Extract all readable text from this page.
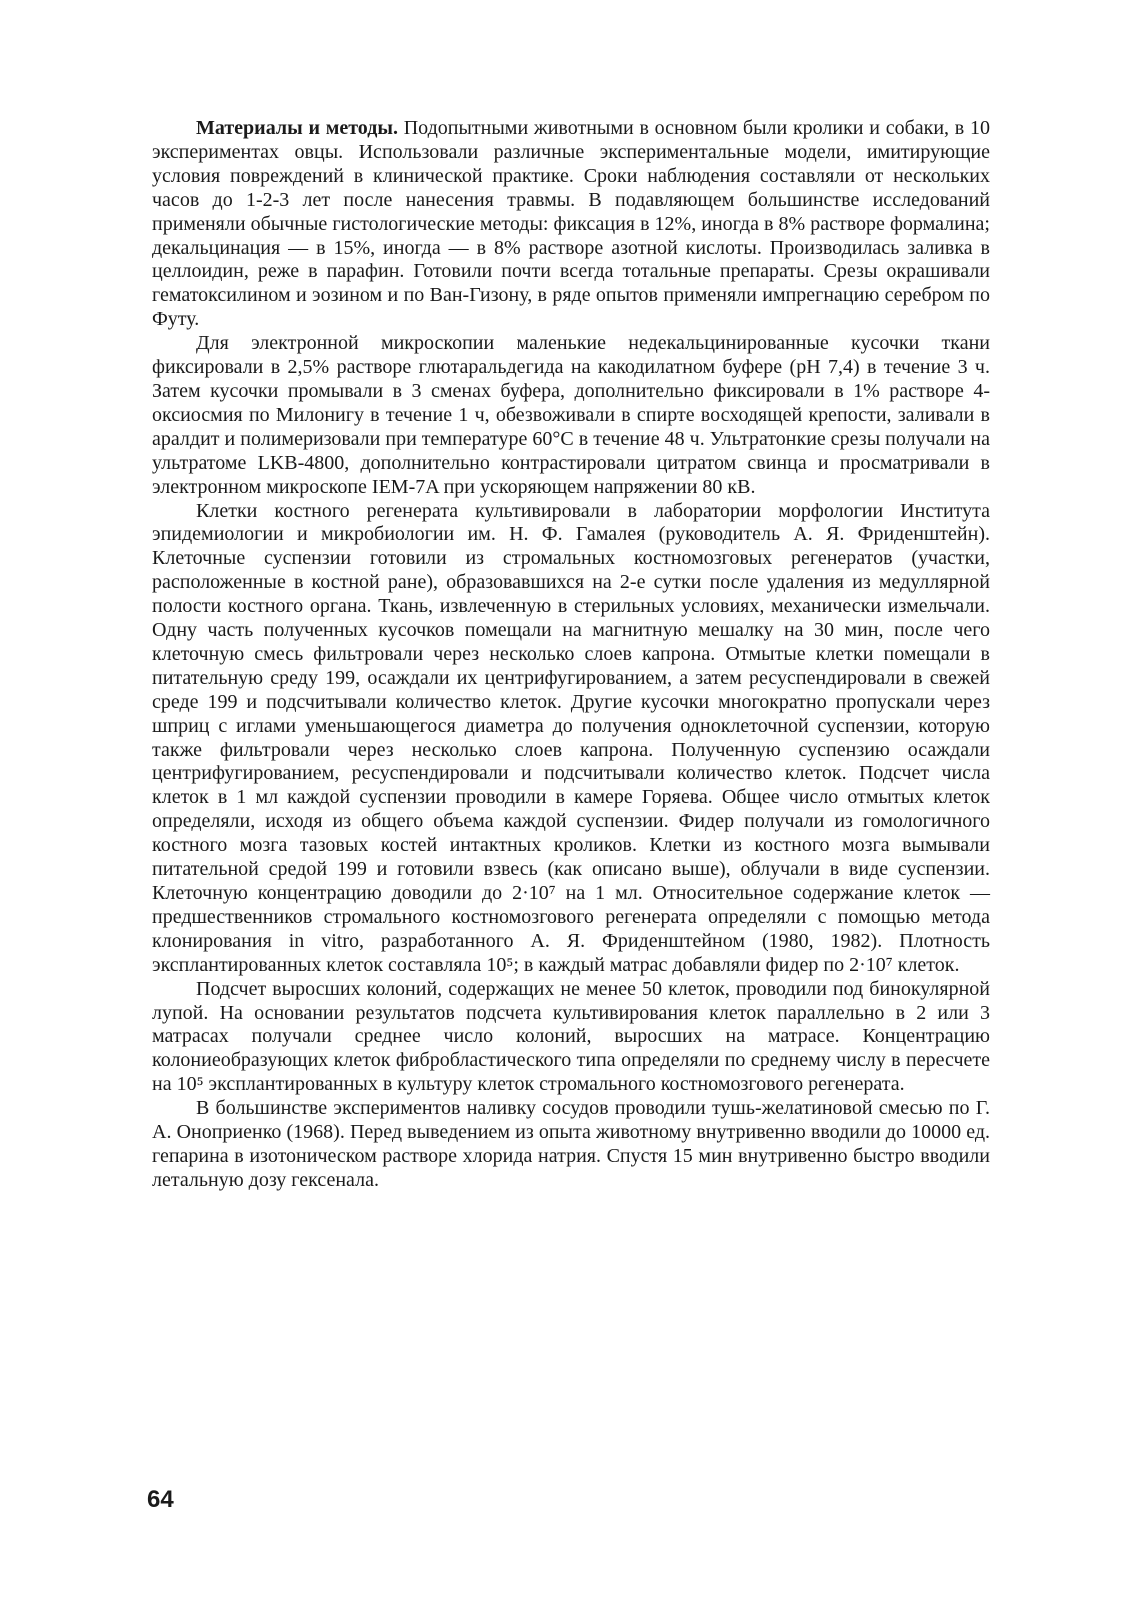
Материалы и методы. Подопытными животными в основном были кролики и собаки, в 10 экспериментах овцы. Использовали различные экспериментальные модели, имитирующие условия повреждений в клинической практике. Сроки наблюдения составляли от нескольких часов до 1-2-3 лет после нанесения травмы. В подавляющем большинстве исследований применяли обычные гистологические методы: фиксация в 12%, иногда в 8% растворе формалина; декальцинация — в 15%, иногда — в 8% растворе азотной кислоты. Производилась заливка в целлоидин, реже в парафин. Готовили почти всегда тотальные препараты. Срезы окрашивали гематоксилином и эозином и по Ван-Гизону, в ряде опытов применяли импрегнацию серебром по Футу.

Для электронной микроскопии маленькие недекальцинированные кусочки ткани фиксировали в 2,5% растворе глютаральдегида на какодилатном буфере (pH 7,4) в течение 3 ч. Затем кусочки промывали в 3 сменах буфера, дополнительно фиксировали в 1% растворе 4-оксиосмия по Милонигу в течение 1 ч, обезвоживали в спирте восходящей крепости, заливали в аралдит и полимеризовали при температуре 60°С в течение 48 ч. Ультратонкие срезы получали на ультратоме LKB-4800, дополнительно контрастировали цитратом свинца и просматривали в электронном микроскопе IEM-7A при ускоряющем напряжении 80 кВ.

Клетки костного регенерата культивировали в лаборатории морфологии Института эпидемиологии и микробиологии им. Н. Ф. Гамалея (руководитель А. Я. Фриденштейн). Клеточные суспензии готовили из стромальных костномозговых регенератов (участки, расположенные в костной ране), образовавшихся на 2-е сутки после удаления из медуллярной полости костного органа. Ткань, извлеченную в стерильных условиях, механически измельчали. Одну часть полученных кусочков помещали на магнитную мешалку на 30 мин, после чего клеточную смесь фильтровали через несколько слоев капрона. Отмытые клетки помещали в питательную среду 199, осаждали их центрифугированием, а затем ресуспендировали в свежей среде 199 и подсчитывали количество клеток. Другие кусочки многократно пропускали через шприц с иглами уменьшающегося диаметра до получения одноклеточной суспензии, которую также фильтровали через несколько слоев капрона. Полученную суспензию осаждали центрифугированием, ресуспендировали и подсчитывали количество клеток. Подсчет числа клеток в 1 мл каждой суспензии проводили в камере Горяева. Общее число отмытых клеток определяли, исходя из общего объема каждой суспензии. Фидер получали из гомологичного костного мозга тазовых костей интактных кроликов. Клетки из костного мозга вымывали питательной средой 199 и готовили взвесь (как описано выше), облучали в виде суспензии. Клеточную концентрацию доводили до 2·10⁷ на 1 мл. Относительное содержание клеток — предшественников стромального костномозгового регенерата определяли с помощью метода клонирования in vitro, разработанного А. Я. Фриденштейном (1980, 1982). Плотность эксплантированных клеток составляла 10⁵; в каждый матрас добавляли фидер по 2·10⁷ клеток.

Подсчет выросших колоний, содержащих не менее 50 клеток, проводили под бинокулярной лупой. На основании результатов подсчета культивирования клеток параллельно в 2 или 3 матрасах получали среднее число колоний, выросших на матрасе. Концентрацию колониеобразующих клеток фибробластического типа определяли по среднему числу в пересчете на 10⁵ эксплантированных в культуру клеток стромального костномозгового регенерата.

В большинстве экспериментов наливку сосудов проводили тушь-желатиновой смесью по Г. А. Оноприенко (1968). Перед выведением из опыта животному внутривенно вводили до 10000 ед. гепарина в изотоническом растворе хлорида натрия. Спустя 15 мин внутривенно быстро вводили летальную дозу гексенала.

64
